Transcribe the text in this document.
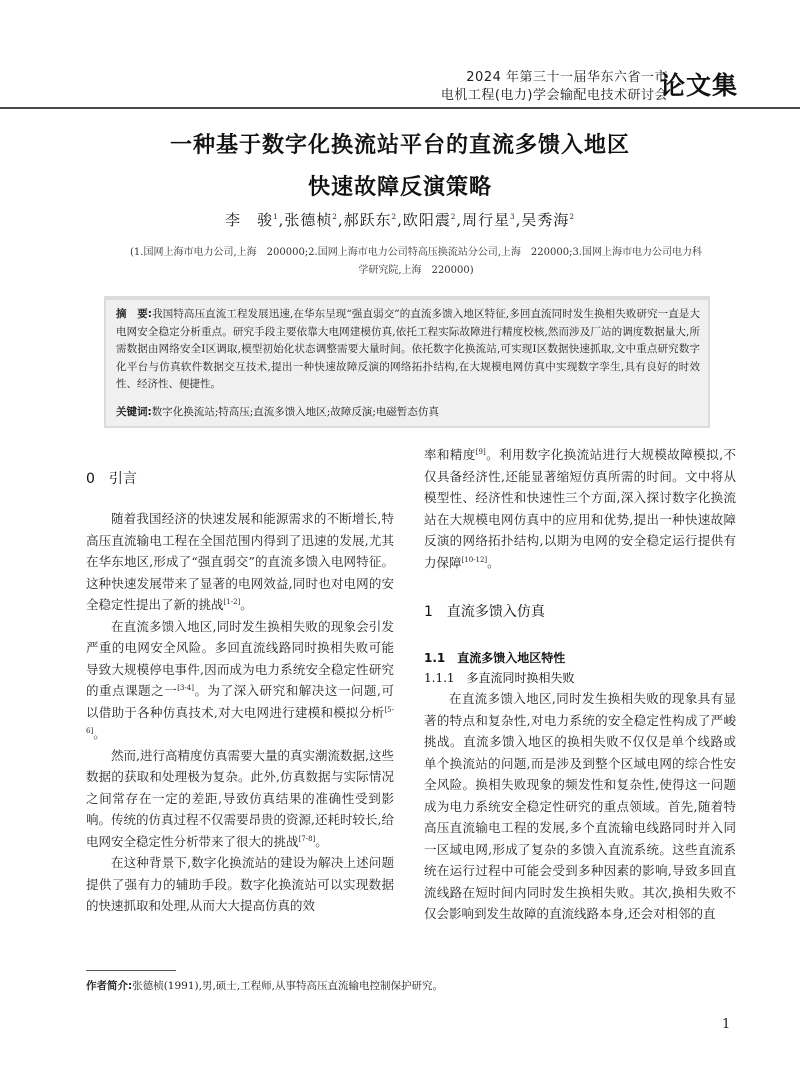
2024 年第三十一届华东六省一市
电机工程(电力)学会输配电技术研讨会
论文集
一种基于数字化换流站平台的直流多馈入地区
快速故障反演策略
李　骏$^1$,张德桢$^2$,郝跃东$^2$,欧阳震$^2$,周行星$^3$,吴秀海$^2$
(1.国网上海市电力公司,上海　200000;2.国网上海市电力公司特高压换流站分公司,上海　220000;3.国网上海市电力公司电力科
学研究院,上海　220000)
摘　要:我国特高压直流工程发展迅速,在华东呈现“强直弱交”的直流多馈入地区特征,多回直流同时发生换相失败研究一直是大电网安全稳定分析重点。研究手段主要依靠大电网建模仿真,依托工程实际故障进行精度校核,然而涉及厂站的调度数据量大,所需数据由网络安全Ⅰ区调取,模型初始化状态调整需要大量时间。依托数字化换流站,可实现Ⅰ区数据快速抓取,文中重点研究数字化平台与仿真软件数据交互技术,提出一种快速故障反演的网络拓扑结构,在大规模电网仿真中实现数字孪生,具有良好的时效性、经济性、便捷性。
关键词:数字化换流站;特高压;直流多馈入地区;故障反演;电磁暂态仿真
0　引言

随着我国经济的快速发展和能源需求的不断增长,特高压直流输电工程在全国范围内得到了迅速的发展,尤其在华东地区,形成了“强直弱交”的直流多馈入电网特征。这种快速发展带来了显著的电网效益,同时也对电网的安全稳定性提出了新的挑战[1-2]。

在直流多馈入地区,同时发生换相失败的现象会引发严重的电网安全风险。多回直流线路同时换相失败可能导致大规模停电事件,因而成为电力系统安全稳定性研究的重点课题之一[3-4]。为了深入研究和解决这一问题,可以借助于各种仿真技术,对大电网进行建模和模拟分析[5-6]。

然而,进行高精度仿真需要大量的真实潮流数据,这些数据的获取和处理极为复杂。此外,仿真数据与实际情况之间常存在一定的差距,导致仿真结果的准确性受到影响。传统的仿真过程不仅需要昂贵的资源,还耗时较长,给电网安全稳定性分析带来了很大的挑战[7-8]。

在这种背景下,数字化换流站的建设为解决上述问题提供了强有力的辅助手段。数字化换流站可以实现数据的快速抓取和处理,从而大大提高仿真的效

率和精度[9]。利用数字化换流站进行大规模故障模拟,不仅具备经济性,还能显著缩短仿真所需的时间。文中将从模型性、经济性和快速性三个方面,深入探讨数字化换流站在大规模电网仿真中的应用和优势,提出一种快速故障反演的网络拓扑结构,以期为电网的安全稳定运行提供有力保障[10-12]。

1　直流多馈入仿真
1.1　直流多馈入地区特性
1.1.1　多直流同时换相失败

在直流多馈入地区,同时发生换相失败的现象具有显著的特点和复杂性,对电力系统的安全稳定性构成了严峻挑战。直流多馈入地区的换相失败不仅仅是单个线路或单个换流站的问题,而是涉及到整个区域电网的综合性安全风险。换相失败现象的频发性和复杂性,使得这一问题成为电力系统安全稳定性研究的重点领域。首先,随着特高压直流输电工程的发展,多个直流输电线路同时并入同一区域电网,形成了复杂的多馈入直流系统。这些直流系统在运行过程中可能会受到多种因素的影响,导致多回直流线路在短时间内同时发生换相失败。其次,换相失败不仅会影响到发生故障的直流线路本身,还会对相邻的直

作者简介:张德桢(1991),男,硕士,工程师,从事特高压直流输电控制保护研究。
1
